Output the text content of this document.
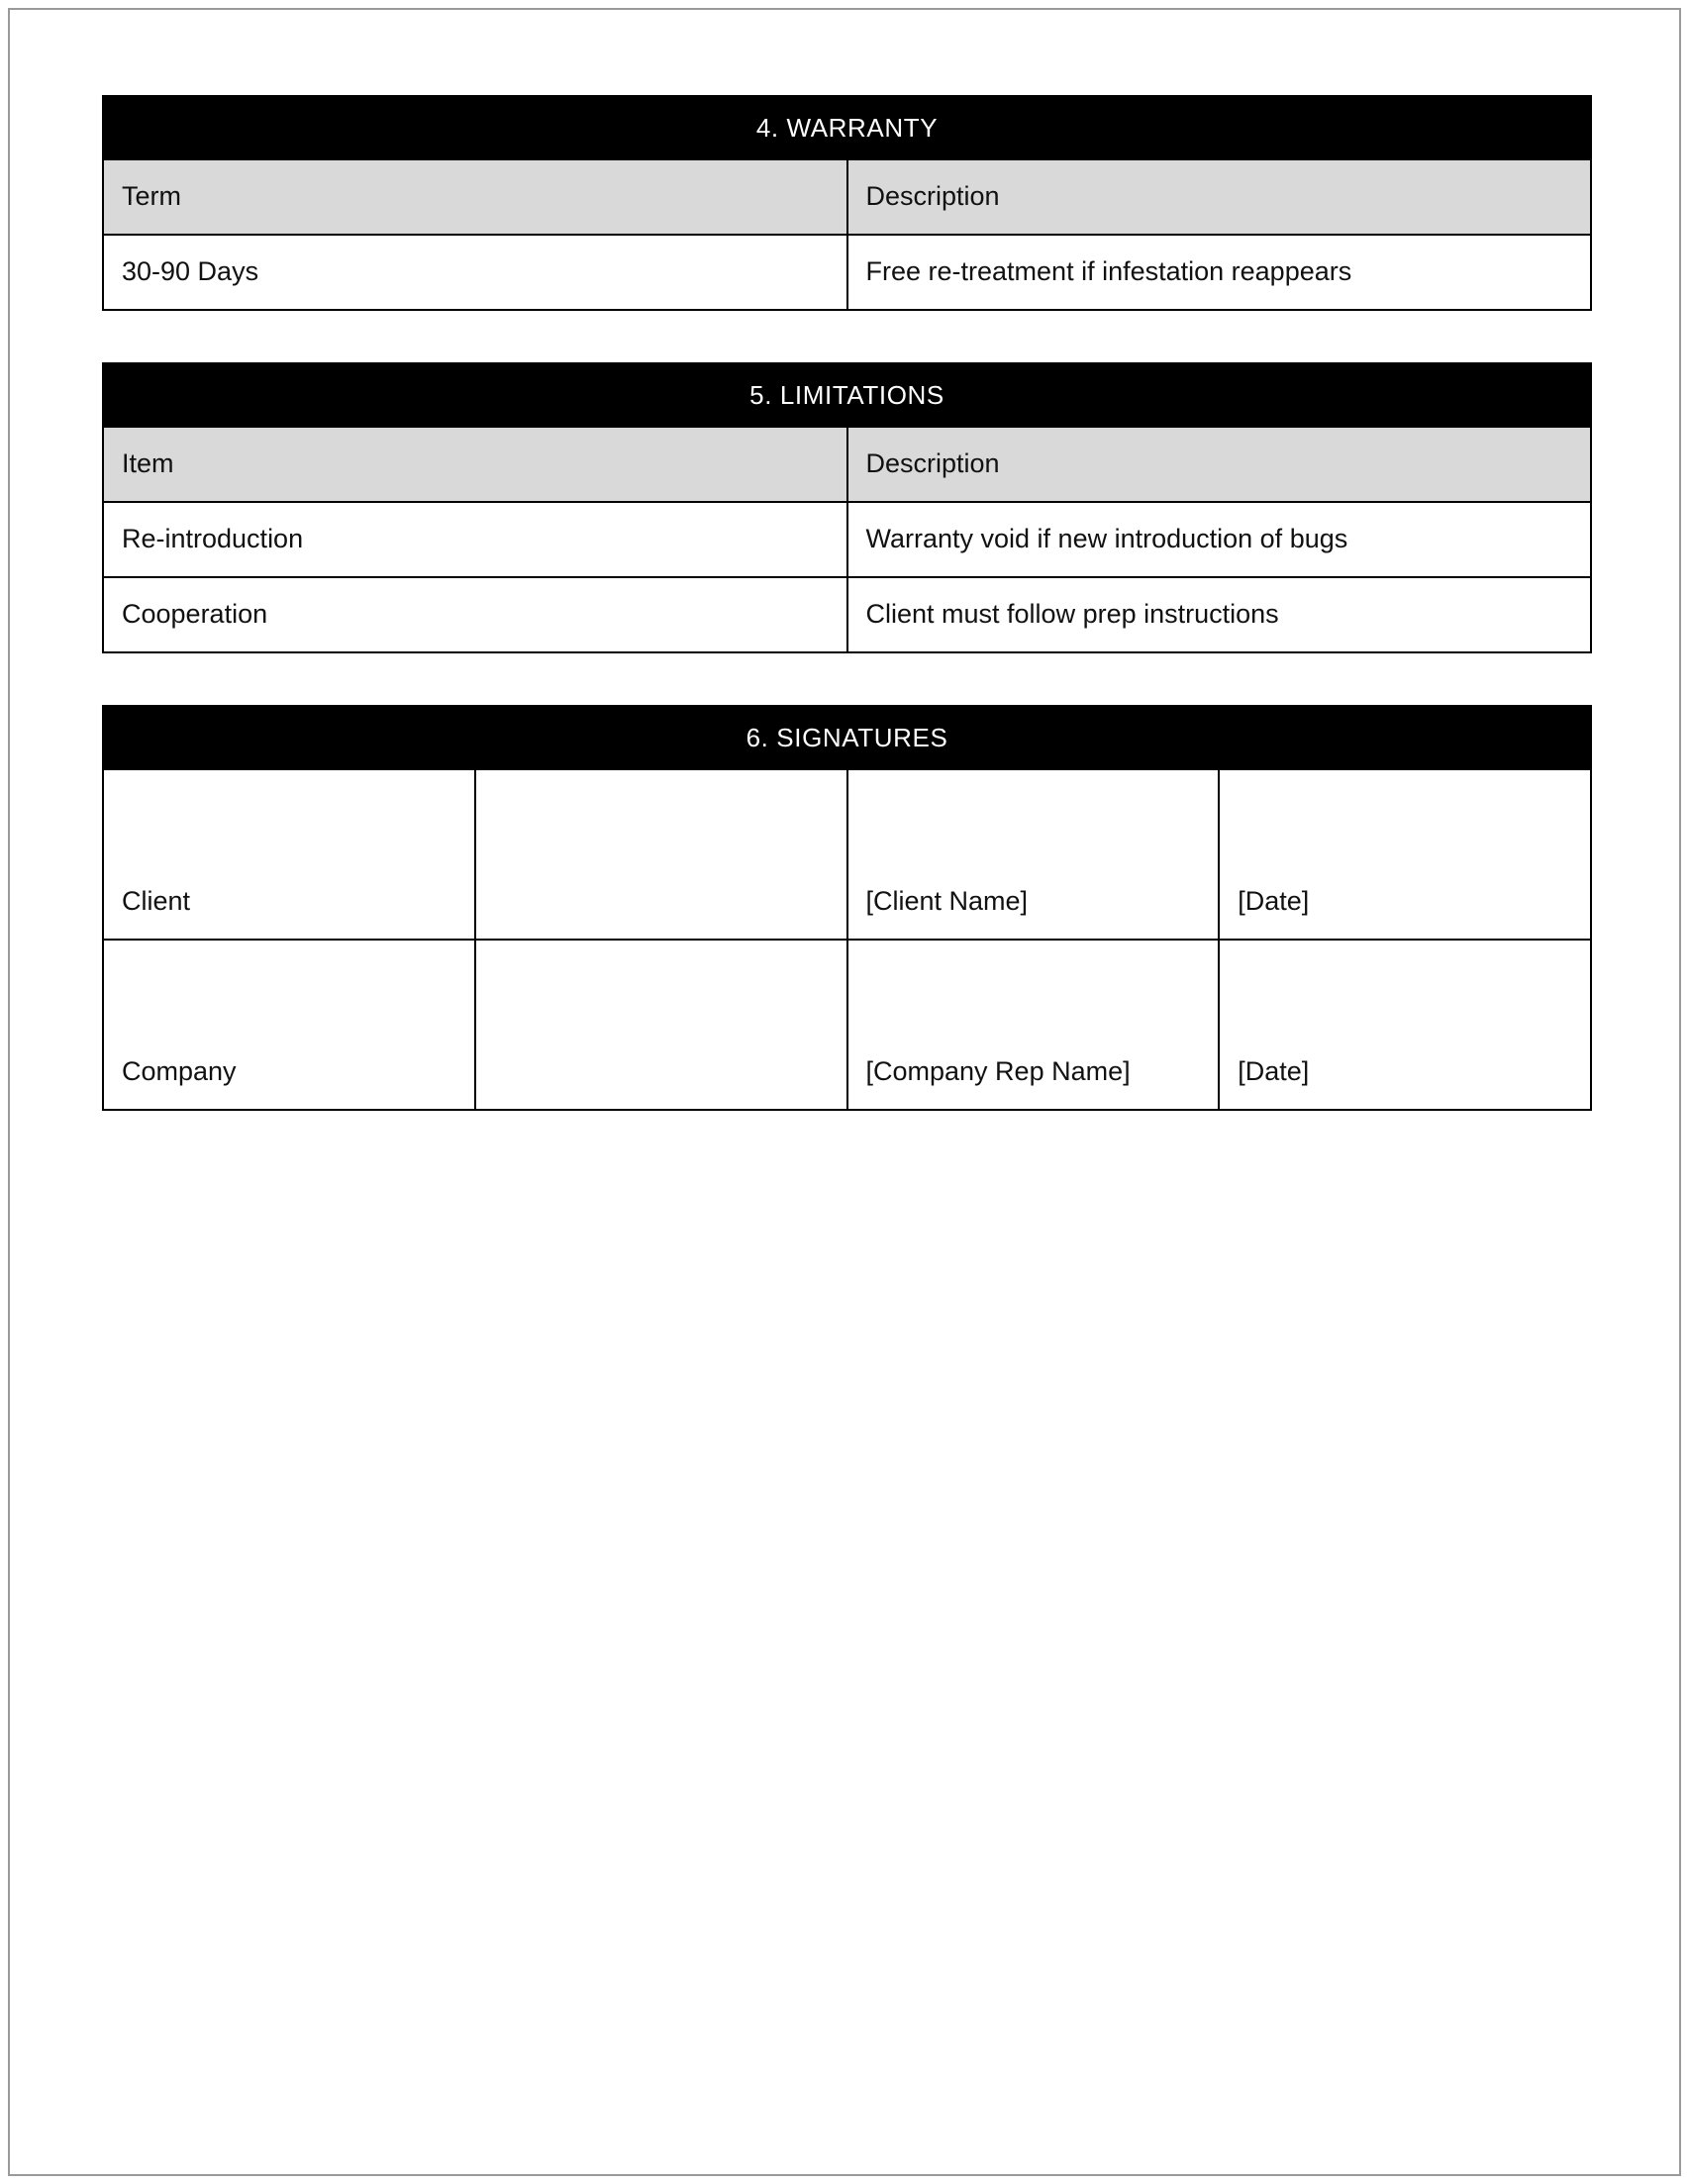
4. WARRANTY	
Term	Description
30-90 Days	Free re-treatment if infestation reappears
5. LIMITATIONS	
Item	Description
Re-introduction	Warranty void if new introduction of bugs
Cooperation	Client must follow prep instructions
6. SIGNATURES			
Client		[Client Name]	[Date]
Company		[Company Rep Name]	[Date]
